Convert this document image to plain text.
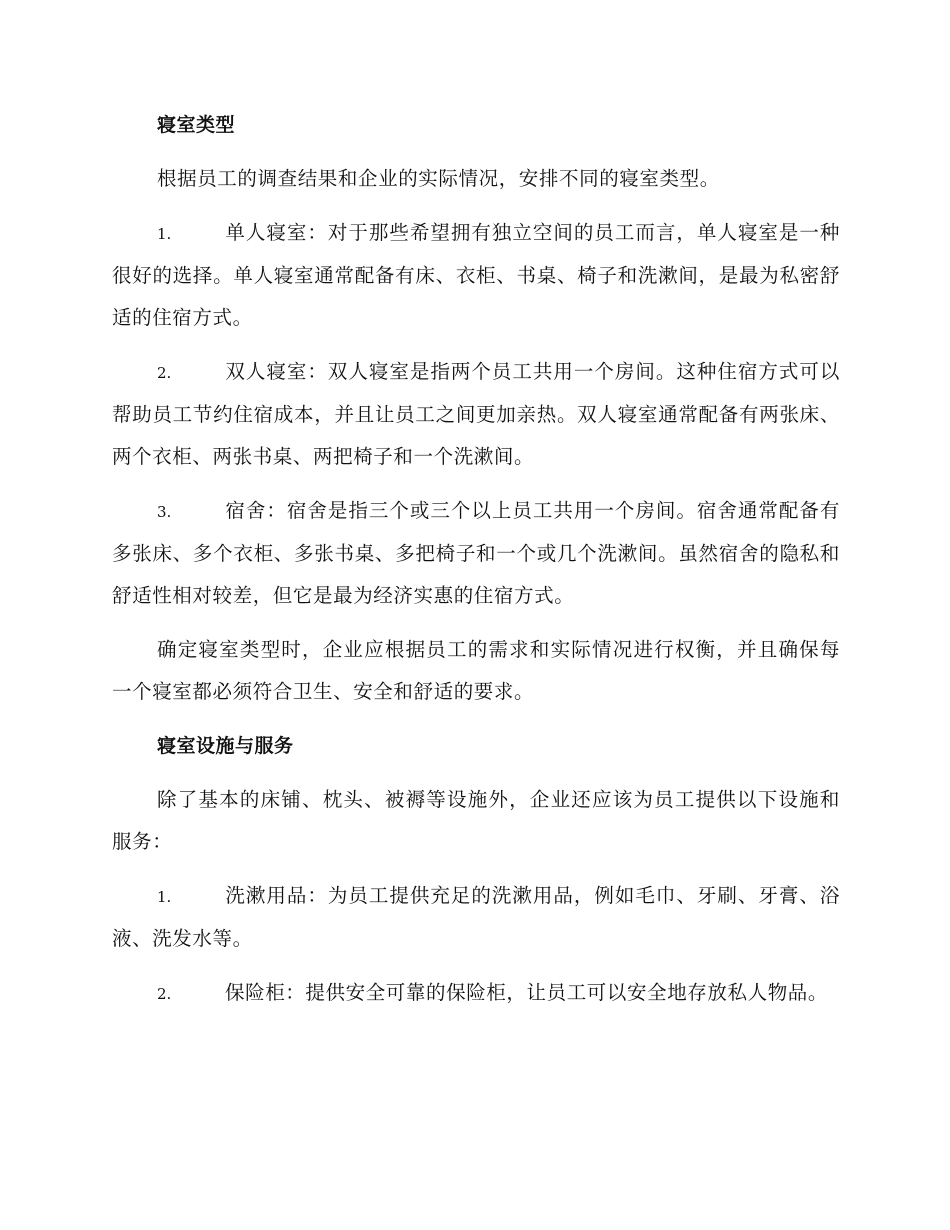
寝室类型

根据员工的调查结果和企业的实际情况，安排不同的寝室类型。

1.	单人寝室：对于那些希望拥有独立空间的员工而言，单人寝室是一种很好的选择。单人寝室通常配备有床、衣柜、书桌、椅子和洗漱间，是最为私密舒适的住宿方式。

2.	双人寝室：双人寝室是指两个员工共用一个房间。这种住宿方式可以帮助员工节约住宿成本，并且让员工之间更加亲热。双人寝室通常配备有两张床、两个衣柜、两张书桌、两把椅子和一个洗漱间。

3.	宿舍：宿舍是指三个或三个以上员工共用一个房间。宿舍通常配备有多张床、多个衣柜、多张书桌、多把椅子和一个或几个洗漱间。虽然宿舍的隐私和舒适性相对较差，但它是最为经济实惠的住宿方式。

确定寝室类型时，企业应根据员工的需求和实际情况进行权衡，并且确保每一个寝室都必须符合卫生、安全和舒适的要求。

寝室设施与服务

除了基本的床铺、枕头、被褥等设施外，企业还应该为员工提供以下设施和服务：

1.	洗漱用品：为员工提供充足的洗漱用品，例如毛巾、牙刷、牙膏、浴液、洗发水等。

2.	保险柜：提供安全可靠的保险柜，让员工可以安全地存放私人物品。
